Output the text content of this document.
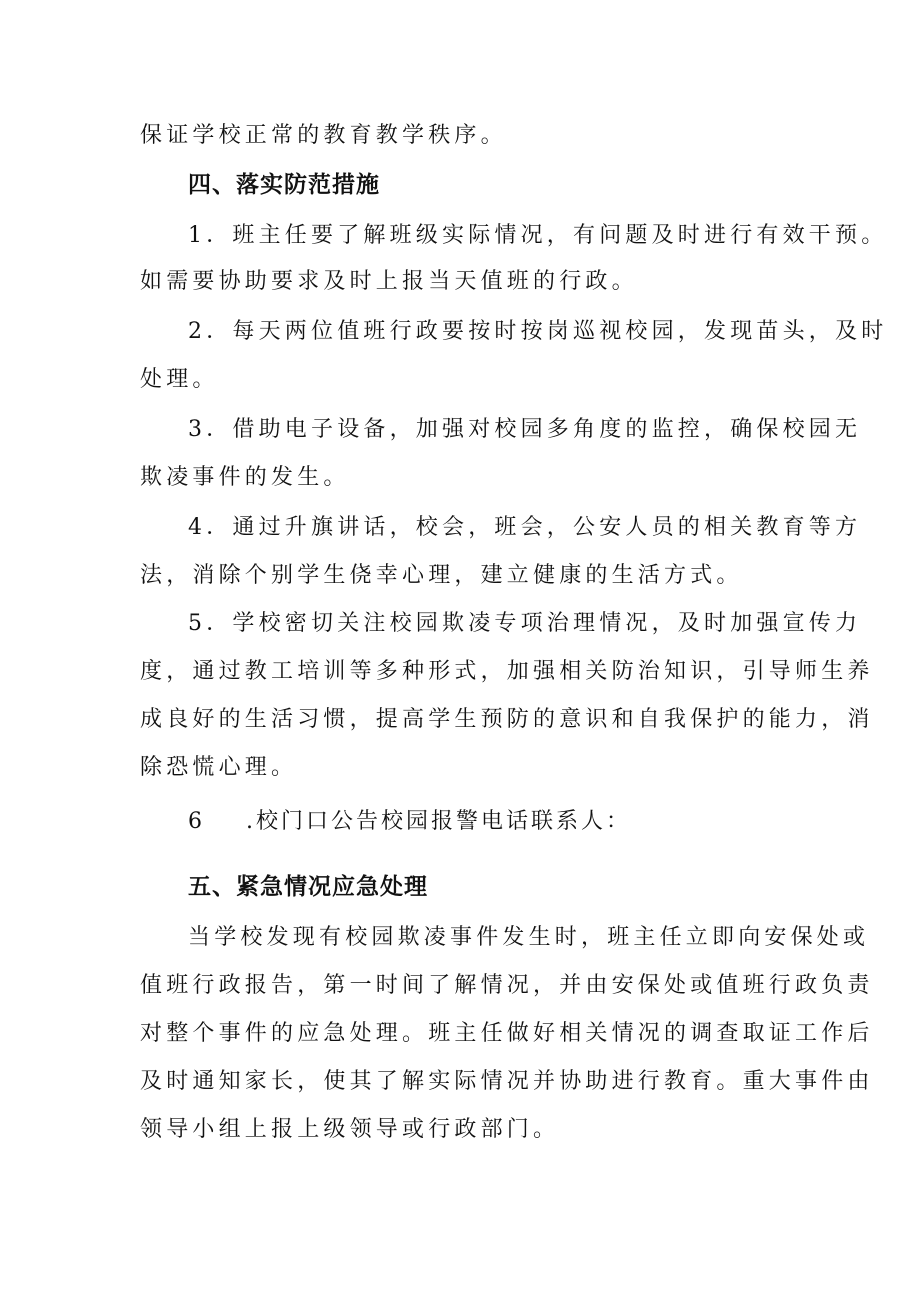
保证学校正常的教育教学秩序。
四、落实防范措施
1．班主任要了解班级实际情况，有问题及时进行有效干预。
如需要协助要求及时上报当天值班的行政。
2．每天两位值班行政要按时按岗巡视校园，发现苗头，及时
处理。
3．借助电子设备，加强对校园多角度的监控，确保校园无
欺凌事件的发生。
4．通过升旗讲话，校会，班会，公安人员的相关教育等方
法，消除个别学生侥幸心理，建立健康的生活方式。
5．学校密切关注校园欺凌专项治理情况，及时加强宣传力
度，通过教工培训等多种形式，加强相关防治知识，引导师生养
成良好的生活习惯，提高学生预防的意识和自我保护的能力，消
除恐慌心理。
6 .校门口公告校园报警电话联系人：
五、紧急情况应急处理
当学校发现有校园欺凌事件发生时，班主任立即向安保处或
值班行政报告，第一时间了解情况，并由安保处或值班行政负责
对整个事件的应急处理。班主任做好相关情况的调查取证工作后
及时通知家长，使其了解实际情况并协助进行教育。重大事件由
领导小组上报上级领导或行政部门。
